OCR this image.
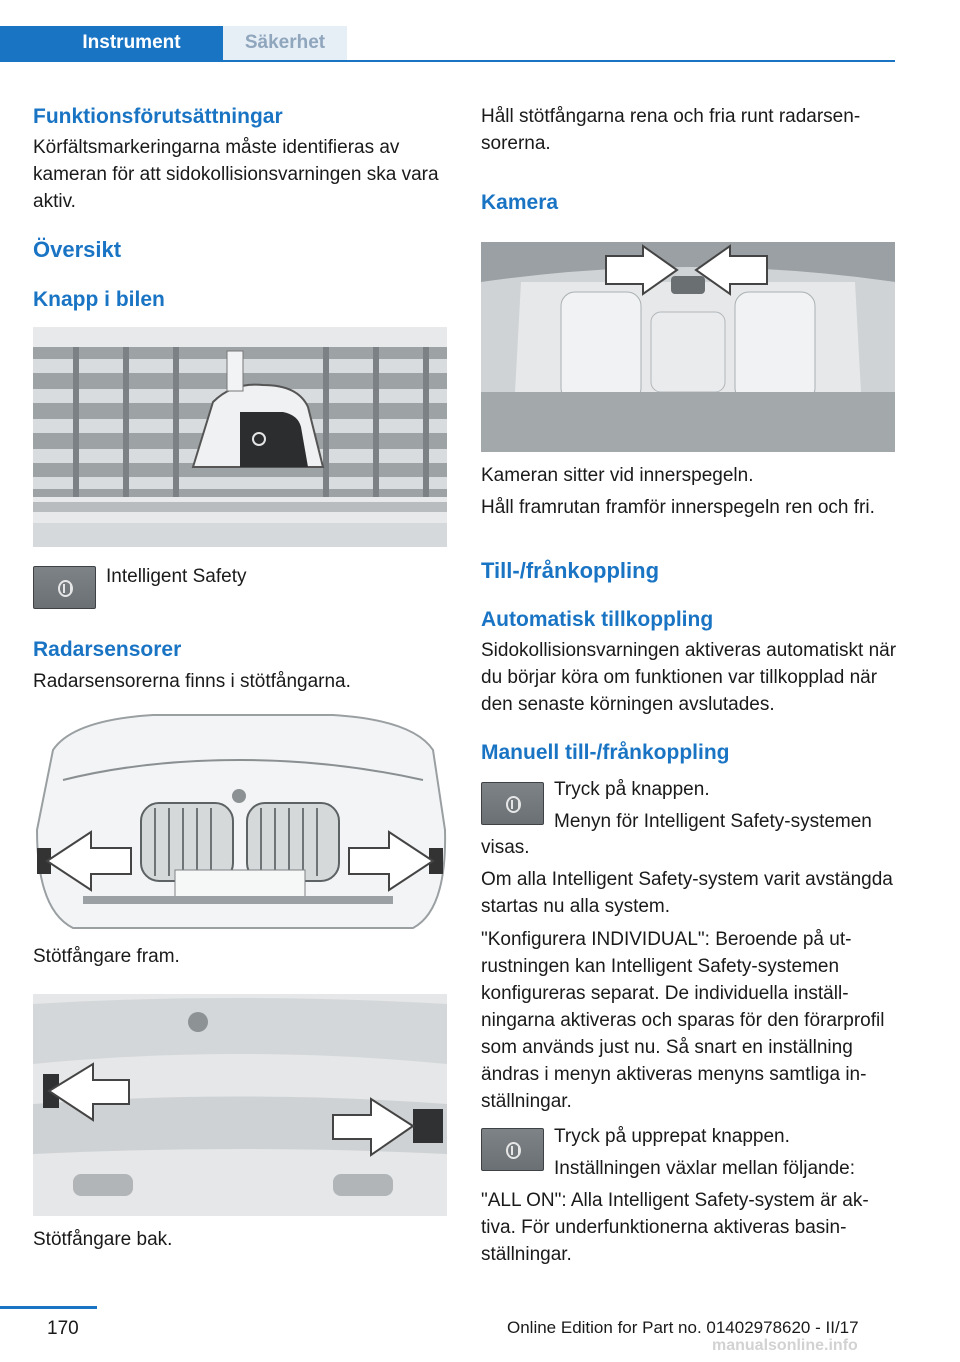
Instrument	Säkerhet
Funktionsförutsättningar
Körfältsmarkeringarna måste identifieras av kameran för att sidokollisionsvarningen ska vara aktiv.
Översikt
Knapp i bilen
Intelligent Safety
Radarsensorer
Radarsensorerna finns i stötfångarna.
Stötfångare fram.
Stötfångare bak.
Håll stötfångarna rena och fria runt radarsensorerna.
Kamera
Kameran sitter vid innerspegeln.
Håll framrutan framför innerspegeln ren och fri.
Till-/frånkoppling
Automatisk tillkoppling
Sidokollisionsvarningen aktiveras automatiskt när du börjar köra om funktionen var tillkopplad när den senaste körningen avslutades.
Manuell till-/frånkoppling
Tryck på knappen.
Menyn för Intelligent Safety-systemen
visas.
Om alla Intelligent Safety-system varit avstängda startas nu alla system.
"Konfigurera INDIVIDUAL": Beroende på utrustningen kan Intelligent Safety-systemen konfigureras separat. De individuella inställningarna aktiveras och sparas för den förarprofil som används just nu. Så snart en inställning ändras i menyn aktiveras menyns samtliga inställningar.
Tryck på upprepat knappen.
Inställningen växlar mellan följande:
"ALL ON": Alla Intelligent Safety-system är aktiva. För underfunktionerna aktiveras basinställningar.
170	Online Edition for Part no. 01402978620 - II/17
manualsonline.info
